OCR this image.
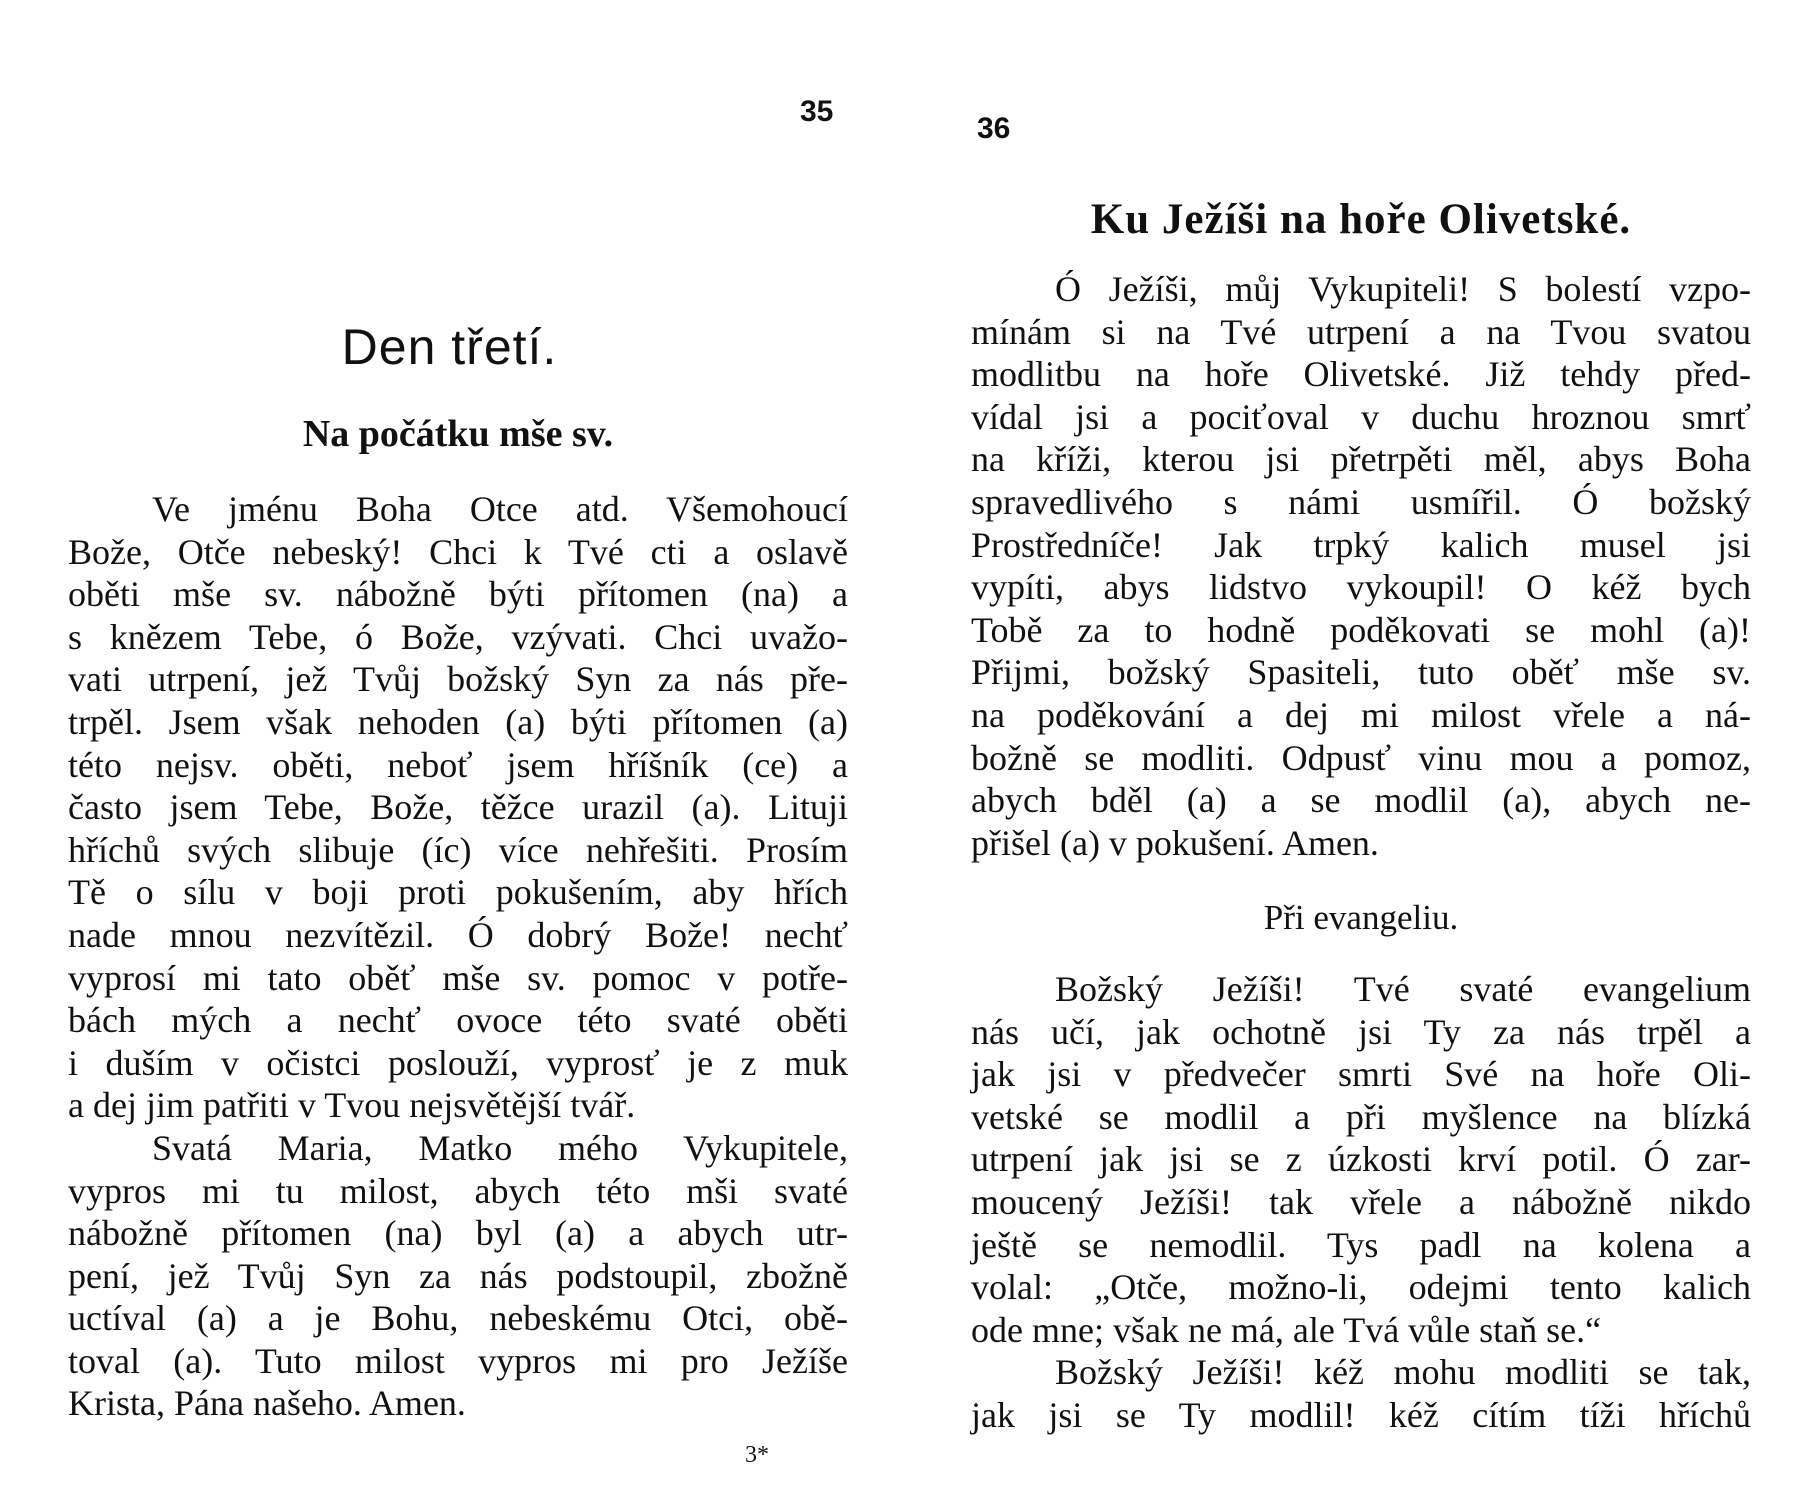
35
Den třetí.
Na počátku mše sv.
Ve jménu Boha Otce atd. Všemohoucí
Bože, Otče nebeský! Chci k Tvé cti a oslavě
oběti mše sv. nábožně býti přítomen (na) a
s knězem Tebe, ó Bože, vzývati. Chci uvažo-
vati utrpení, jež Tvůj božský Syn za nás pře-
trpěl. Jsem však nehoden (a) býti přítomen (a)
této nejsv. oběti, neboť jsem hříšník (ce) a
často jsem Tebe, Bože, těžce urazil (a). Lituji
hříchů svých slibuje (íc) více nehřešiti. Prosím
Tě o sílu v boji proti pokušením, aby hřích
nade mnou nezvítězil. Ó dobrý Bože! nechť
vyprosí mi tato oběť mše sv. pomoc v potře-
bách mých a nechť ovoce této svaté oběti
i duším v očistci poslouží, vyprosť je z muk
a dej jim patřiti v Tvou nejsvětější tvář.
Svatá Maria, Matko mého Vykupitele,
vypros mi tu milost, abych této mši svaté
nábožně přítomen (na) byl (a) a abych utr-
pení, jež Tvůj Syn za nás podstoupil, zbožně
uctíval (a) a je Bohu, nebeskému Otci, obě-
toval (a). Tuto milost vypros mi pro Ježíše
Krista, Pána našeho. Amen.
3*
36
Ku Ježíši na hoře Olivetské.
Ó Ježíši, můj Vykupiteli! S bolestí vzpo-
mínám si na Tvé utrpení a na Tvou svatou
modlitbu na hoře Olivetské. Již tehdy před-
vídal jsi a pociťoval v duchu hroznou smrť
na kříži, kterou jsi přetrpěti měl, abys Boha
spravedlivého s námi usmířil. Ó božský
Prostředníče! Jak trpký kalich musel jsi
vypíti, abys lidstvo vykoupil! O kéž bych
Tobě za to hodně poděkovati se mohl (a)!
Přijmi, božský Spasiteli, tuto oběť mše sv.
na poděkování a dej mi milost vřele a ná-
božně se modliti. Odpusť vinu mou a pomoz,
abych bděl (a) a se modlil (a), abych ne-
přišel (a) v pokušení. Amen.
Při evangeliu.
Božský Ježíši! Tvé svaté evangelium
nás učí, jak ochotně jsi Ty za nás trpěl a
jak jsi v předvečer smrti Své na hoře Oli-
vetské se modlil a při myšlence na blízká
utrpení jak jsi se z úzkosti krví potil. Ó zar-
moucený Ježíši! tak vřele a nábožně nikdo
ještě se nemodlil. Tys padl na kolena a
volal: „Otče, možno-li, odejmi tento kalich
ode mne; však ne má, ale Tvá vůle staň se.“
Božský Ježíši! kéž mohu modliti se tak,
jak jsi se Ty modlil! kéž cítím tíži hříchů
